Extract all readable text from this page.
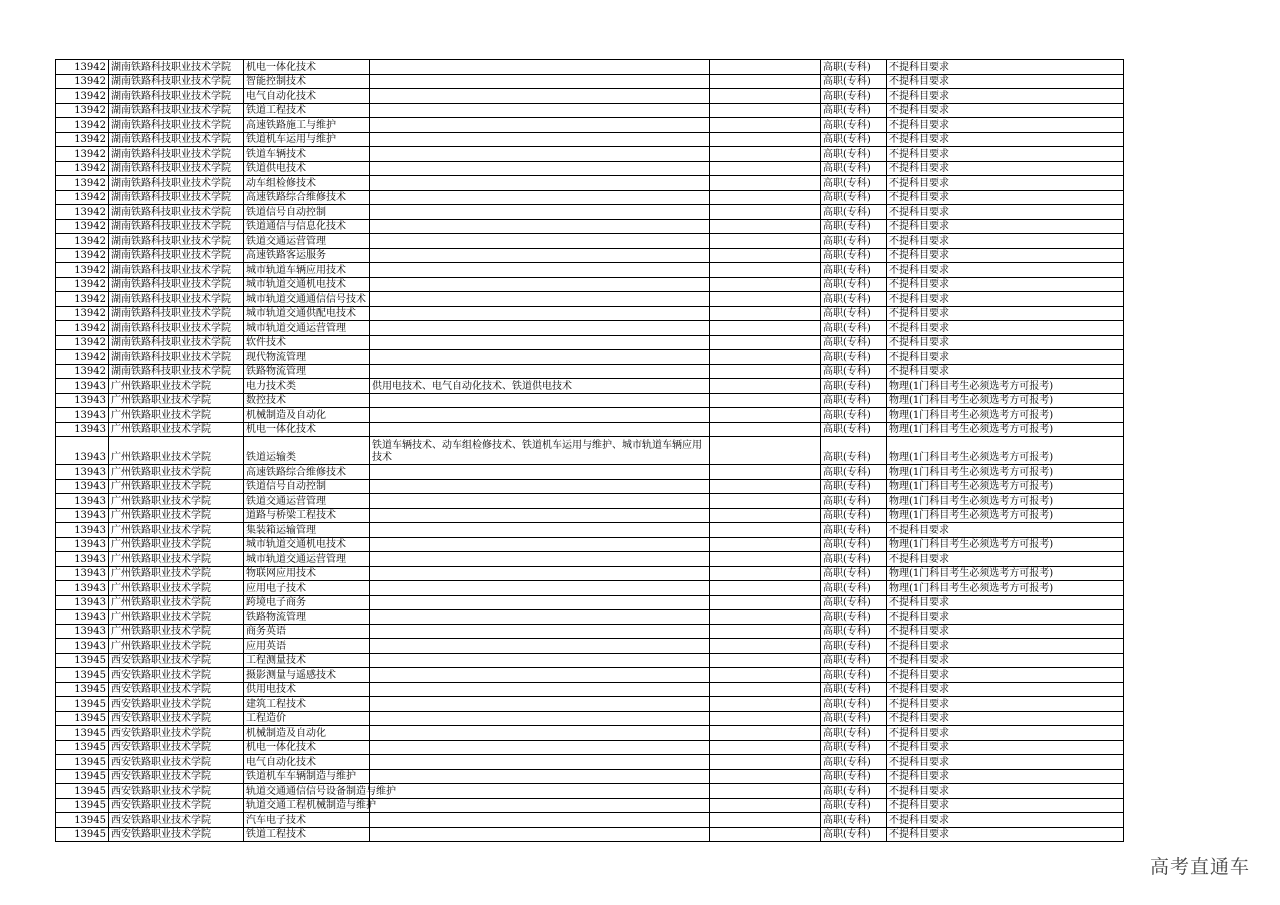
13942	湖南铁路科技职业技术学院	机电一体化技术			高职(专科)	不提科目要求
13942	湖南铁路科技职业技术学院	智能控制技术			高职(专科)	不提科目要求
13942	湖南铁路科技职业技术学院	电气自动化技术			高职(专科)	不提科目要求
13942	湖南铁路科技职业技术学院	铁道工程技术			高职(专科)	不提科目要求
13942	湖南铁路科技职业技术学院	高速铁路施工与维护			高职(专科)	不提科目要求
13942	湖南铁路科技职业技术学院	铁道机车运用与维护			高职(专科)	不提科目要求
13942	湖南铁路科技职业技术学院	铁道车辆技术			高职(专科)	不提科目要求
13942	湖南铁路科技职业技术学院	铁道供电技术			高职(专科)	不提科目要求
13942	湖南铁路科技职业技术学院	动车组检修技术			高职(专科)	不提科目要求
13942	湖南铁路科技职业技术学院	高速铁路综合维修技术			高职(专科)	不提科目要求
13942	湖南铁路科技职业技术学院	铁道信号自动控制			高职(专科)	不提科目要求
13942	湖南铁路科技职业技术学院	铁道通信与信息化技术			高职(专科)	不提科目要求
13942	湖南铁路科技职业技术学院	铁道交通运营管理			高职(专科)	不提科目要求
13942	湖南铁路科技职业技术学院	高速铁路客运服务			高职(专科)	不提科目要求
13942	湖南铁路科技职业技术学院	城市轨道车辆应用技术			高职(专科)	不提科目要求
13942	湖南铁路科技职业技术学院	城市轨道交通机电技术			高职(专科)	不提科目要求
13942	湖南铁路科技职业技术学院	城市轨道交通通信信号技术			高职(专科)	不提科目要求
13942	湖南铁路科技职业技术学院	城市轨道交通供配电技术			高职(专科)	不提科目要求
13942	湖南铁路科技职业技术学院	城市轨道交通运营管理			高职(专科)	不提科目要求
13942	湖南铁路科技职业技术学院	软件技术			高职(专科)	不提科目要求
13942	湖南铁路科技职业技术学院	现代物流管理			高职(专科)	不提科目要求
13942	湖南铁路科技职业技术学院	铁路物流管理			高职(专科)	不提科目要求
13943	广州铁路职业技术学院	电力技术类	供用电技术、电气自动化技术、铁道供电技术		高职(专科)	物理(1门科目考生必须选考方可报考)
13943	广州铁路职业技术学院	数控技术			高职(专科)	物理(1门科目考生必须选考方可报考)
13943	广州铁路职业技术学院	机械制造及自动化			高职(专科)	物理(1门科目考生必须选考方可报考)
13943	广州铁路职业技术学院	机电一体化技术			高职(专科)	物理(1门科目考生必须选考方可报考)
13943	广州铁路职业技术学院	铁道运输类	铁道车辆技术、动车组检修技术、铁道机车运用与维护、城市轨道车辆应用技术		高职(专科)	物理(1门科目考生必须选考方可报考)
13943	广州铁路职业技术学院	高速铁路综合维修技术			高职(专科)	物理(1门科目考生必须选考方可报考)
13943	广州铁路职业技术学院	铁道信号自动控制			高职(专科)	物理(1门科目考生必须选考方可报考)
13943	广州铁路职业技术学院	铁道交通运营管理			高职(专科)	物理(1门科目考生必须选考方可报考)
13943	广州铁路职业技术学院	道路与桥梁工程技术			高职(专科)	物理(1门科目考生必须选考方可报考)
13943	广州铁路职业技术学院	集装箱运输管理			高职(专科)	不提科目要求
13943	广州铁路职业技术学院	城市轨道交通机电技术			高职(专科)	物理(1门科目考生必须选考方可报考)
13943	广州铁路职业技术学院	城市轨道交通运营管理			高职(专科)	不提科目要求
13943	广州铁路职业技术学院	物联网应用技术			高职(专科)	物理(1门科目考生必须选考方可报考)
13943	广州铁路职业技术学院	应用电子技术			高职(专科)	物理(1门科目考生必须选考方可报考)
13943	广州铁路职业技术学院	跨境电子商务			高职(专科)	不提科目要求
13943	广州铁路职业技术学院	铁路物流管理			高职(专科)	不提科目要求
13943	广州铁路职业技术学院	商务英语			高职(专科)	不提科目要求
13943	广州铁路职业技术学院	应用英语			高职(专科)	不提科目要求
13945	西安铁路职业技术学院	工程测量技术			高职(专科)	不提科目要求
13945	西安铁路职业技术学院	摄影测量与遥感技术			高职(专科)	不提科目要求
13945	西安铁路职业技术学院	供用电技术			高职(专科)	不提科目要求
13945	西安铁路职业技术学院	建筑工程技术			高职(专科)	不提科目要求
13945	西安铁路职业技术学院	工程造价			高职(专科)	不提科目要求
13945	西安铁路职业技术学院	机械制造及自动化			高职(专科)	不提科目要求
13945	西安铁路职业技术学院	机电一体化技术			高职(专科)	不提科目要求
13945	西安铁路职业技术学院	电气自动化技术			高职(专科)	不提科目要求
13945	西安铁路职业技术学院	铁道机车车辆制造与维护			高职(专科)	不提科目要求
13945	西安铁路职业技术学院	轨道交通通信信号设备制造与维护			高职(专科)	不提科目要求
13945	西安铁路职业技术学院	轨道交通工程机械制造与维护			高职(专科)	不提科目要求
13945	西安铁路职业技术学院	汽车电子技术			高职(专科)	不提科目要求
13945	西安铁路职业技术学院	铁道工程技术			高职(专科)	不提科目要求
高考直通车
